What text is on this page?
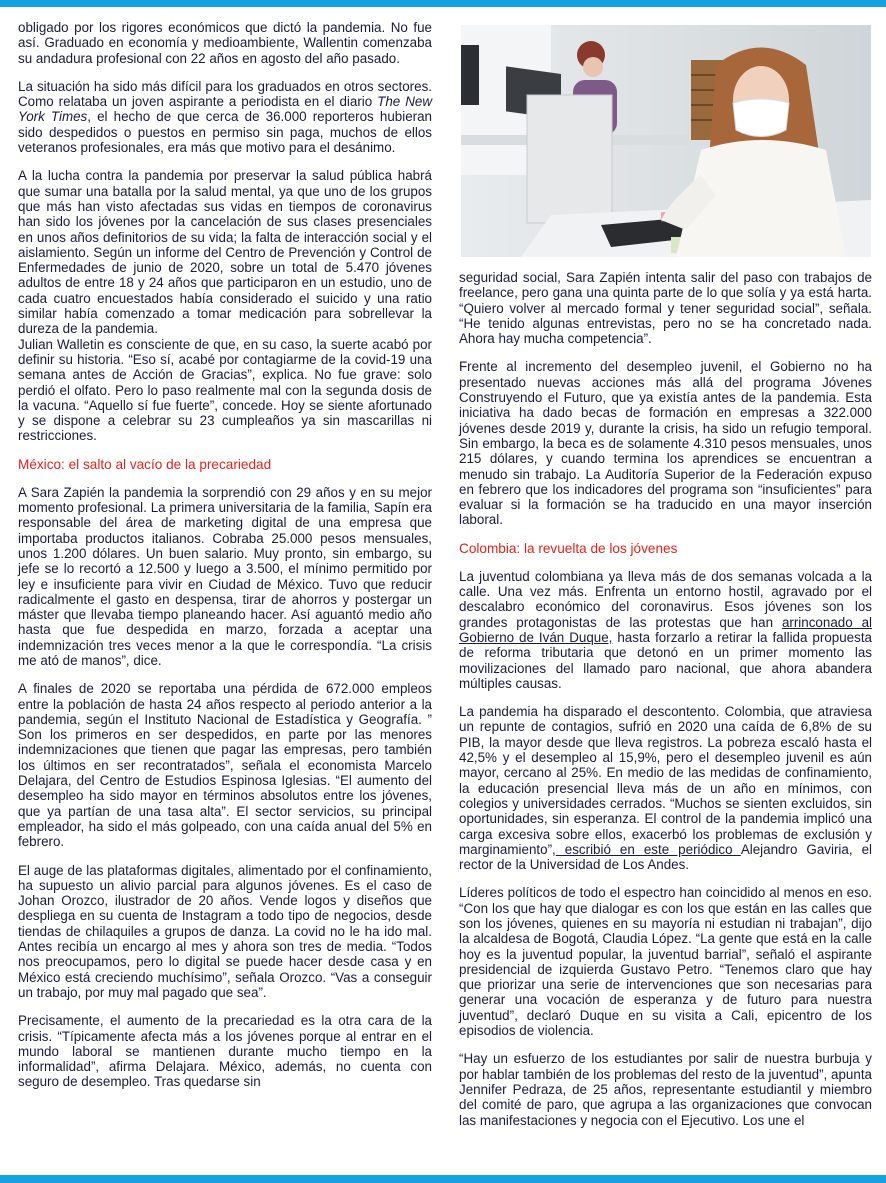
obligado por los rigores económicos que dictó la pandemia. No fue así. Graduado en economía y medioambiente, Wallentin comenzaba su andadura profesional con 22 años en agosto del año pasado.

La situación ha sido más difícil para los graduados en otros sectores. Como relataba un joven aspirante a periodista en el diario The New York Times, el hecho de que cerca de 36.000 reporteros hubieran sido despedidos o puestos en permiso sin paga, muchos de ellos veteranos profesionales, era más que motivo para el desánimo.

A la lucha contra la pandemia por preservar la salud pública habrá que sumar una batalla por la salud mental, ya que uno de los grupos que más han visto afectadas sus vidas en tiempos de coronavirus han sido los jóvenes por la cancelación de sus clases presenciales en unos años definitorios de su vida; la falta de interacción social y el aislamiento. Según un informe del Centro de Prevención y Control de Enfermedades de junio de 2020, sobre un total de 5.470 jóvenes adultos de entre 18 y 24 años que participaron en un estudio, uno de cada cuatro encuestados había considerado el suicido y una ratio similar había comenzado a tomar medicación para sobrellevar la dureza de la pandemia.

Julian Walletin es consciente de que, en su caso, la suerte acabó por definir su historia. “Eso sí, acabé por contagiarme de la covid-19 una semana antes de Acción de Gracias”, explica. No fue grave: solo perdió el olfato. Pero lo paso realmente mal con la segunda dosis de la vacuna. “Aquello sí fue fuerte”, concede. Hoy se siente afortunado y se dispone a celebrar su 23 cumpleaños ya sin mascarillas ni restricciones.

México: el salto al vacío de la precariedad

A Sara Zapién la pandemia la sorprendió con 29 años y en su mejor momento profesional. La primera universitaria de la familia, Sapín era responsable del área de marketing digital de una empresa que importaba productos italianos. Cobraba 25.000 pesos mensuales, unos 1.200 dólares. Un buen salario. Muy pronto, sin embargo, su jefe se lo recortó a 12.500 y luego a 3.500, el mínimo permitido por ley e insuficiente para vivir en Ciudad de México. Tuvo que reducir radicalmente el gasto en despensa, tirar de ahorros y postergar un máster que llevaba tiempo planeando hacer. Así aguantó medio año hasta que fue despedida en marzo, forzada a aceptar una indemnización tres veces menor a la que le correspondía. “La crisis me ató de manos”, dice.

A finales de 2020 se reportaba una pérdida de 672.000 empleos entre la población de hasta 24 años respecto al periodo anterior a la pandemia, según el Instituto Nacional de Estadística y Geografía. ” Son los primeros en ser despedidos, en parte por las menores indemnizaciones que tienen que pagar las empresas, pero también los últimos en ser recontratados”, señala el economista Marcelo Delajara, del Centro de Estudios Espinosa Iglesias. “El aumento del desempleo ha sido mayor en términos absolutos entre los jóvenes, que ya partían de una tasa alta”. El sector servicios, su principal empleador, ha sido el más golpeado, con una caída anual del 5% en febrero.

El auge de las plataformas digitales, alimentado por el confinamiento, ha supuesto un alivio parcial para algunos jóvenes. Es el caso de Johan Orozco, ilustrador de 20 años. Vende logos y diseños que despliega en su cuenta de Instagram a todo tipo de negocios, desde tiendas de chilaquiles a grupos de danza. La covid no le ha ido mal. Antes recibía un encargo al mes y ahora son tres de media. “Todos nos preocupamos, pero lo digital se puede hacer desde casa y en México está creciendo muchísimo”, señala Orozco. “Vas a conseguir un trabajo, por muy mal pagado que sea”.

Precisamente, el aumento de la precariedad es la otra cara de la crisis. “Típicamente afecta más a los jóvenes porque al entrar en el mundo laboral se mantienen durante mucho tiempo en la informalidad”, afirma Delajara. México, además, no cuenta con seguro de desempleo. Tras quedarse sin

seguridad social, Sara Zapién intenta salir del paso con trabajos de freelance, pero gana una quinta parte de lo que solía y ya está harta. “Quiero volver al mercado formal y tener seguridad social”, señala. “He tenido algunas entrevistas, pero no se ha concretado nada. Ahora hay mucha competencia”.

Frente al incremento del desempleo juvenil, el Gobierno no ha presentado nuevas acciones más allá del programa Jóvenes Construyendo el Futuro, que ya existía antes de la pandemia. Esta iniciativa ha dado becas de formación en empresas a 322.000 jóvenes desde 2019 y, durante la crisis, ha sido un refugio temporal. Sin embargo, la beca es de solamente 4.310 pesos mensuales, unos 215 dólares, y cuando termina los aprendices se encuentran a menudo sin trabajo. La Auditoría Superior de la Federación expuso en febrero que los indicadores del programa son “insuficientes” para evaluar si la formación se ha traducido en una mayor inserción laboral.

Colombia: la revuelta de los jóvenes

La juventud colombiana ya lleva más de dos semanas volcada a la calle. Una vez más. Enfrenta un entorno hostil, agravado por el descalabro económico del coronavirus. Esos jóvenes son los grandes protagonistas de las protestas que han arrinconado al Gobierno de Iván Duque, hasta forzarlo a retirar la fallida propuesta de reforma tributaria que detonó en un primer momento las movilizaciones del llamado paro nacional, que ahora abandera múltiples causas.

La pandemia ha disparado el descontento. Colombia, que atraviesa un repunte de contagios, sufrió en 2020 una caída de 6,8% de su PIB, la mayor desde que lleva registros. La pobreza escaló hasta el 42,5% y el desempleo al 15,9%, pero el desempleo juvenil es aún mayor, cercano al 25%. En medio de las medidas de confinamiento, la educación presencial lleva más de un año en mínimos, con colegios y universidades cerrados. “Muchos se sienten excluidos, sin oportunidades, sin esperanza. El control de la pandemia implicó una carga excesiva sobre ellos, exacerbó los problemas de exclusión y marginamiento”, escribió en este periódico Alejandro Gaviria, el rector de la Universidad de Los Andes.

Líderes políticos de todo el espectro han coincidido al menos en eso. “Con los que hay que dialogar es con los que están en las calles que son los jóvenes, quienes en su mayoría ni estudian ni trabajan”, dijo la alcaldesa de Bogotá, Claudia López. “La gente que está en la calle hoy es la juventud popular, la juventud barrial”, señaló el aspirante presidencial de izquierda Gustavo Petro. “Tenemos claro que hay que priorizar una serie de intervenciones que son necesarias para generar una vocación de esperanza y de futuro para nuestra juventud”, declaró Duque en su visita a Cali, epicentro de los episodios de violencia.

“Hay un esfuerzo de los estudiantes por salir de nuestra burbuja y por hablar también de los problemas del resto de la juventud”, apunta Jennifer Pedraza, de 25 años, representante estudiantil y miembro del comité de paro, que agrupa a las organizaciones que convocan las manifestaciones y negocia con el Ejecutivo. Los une el
